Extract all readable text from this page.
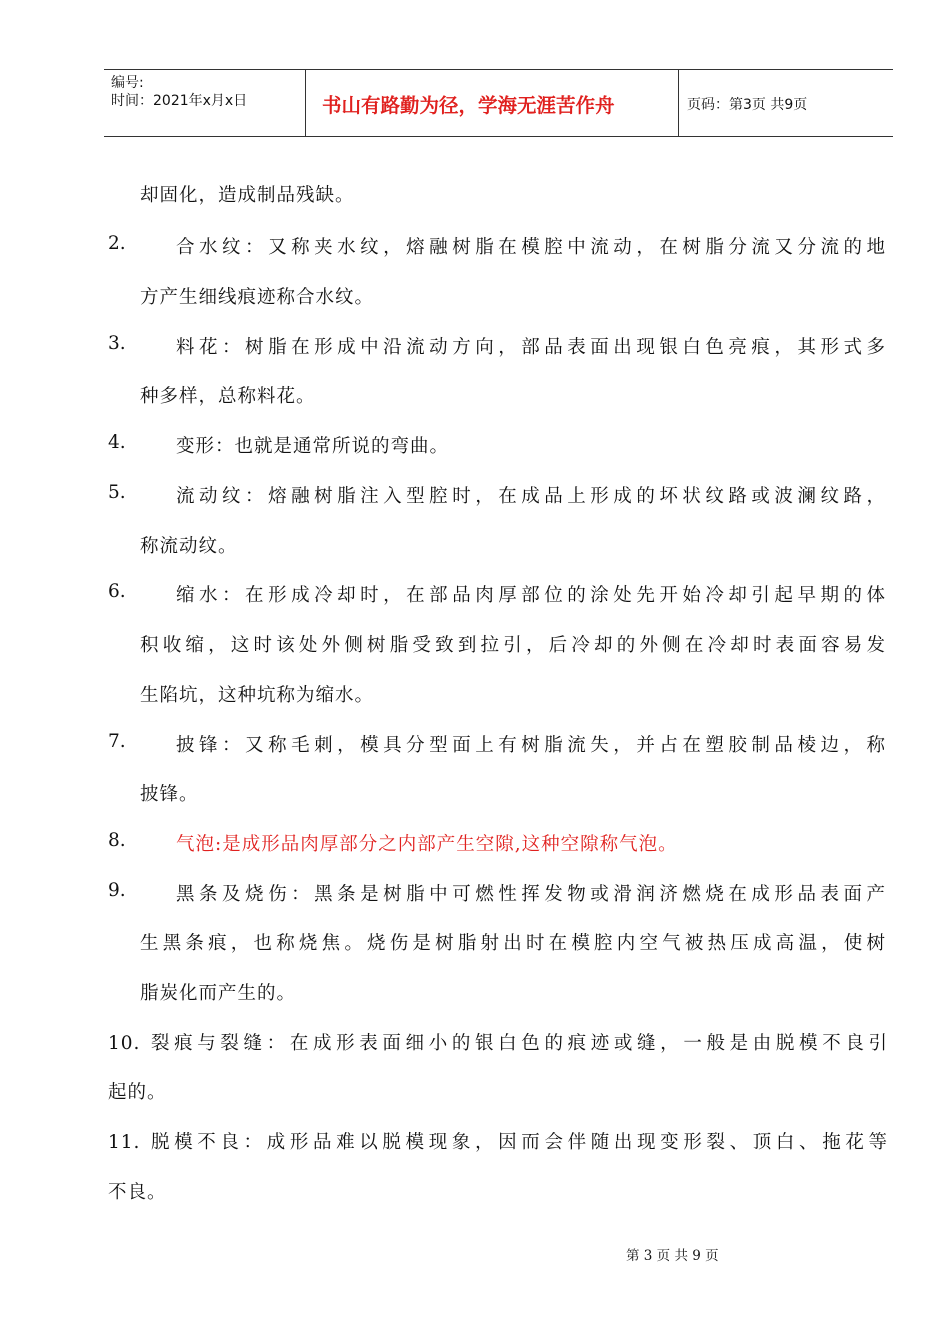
编号:
时间：2021年x月x日	书山有路勤为径，学海无涯苦作舟	页码：第3页 共9页
却固化，造成制品残缺。
2.	合水纹：又称夹水纹，熔融树脂在模腔中流动，在树脂分流又分流的地
方产生细线痕迹称合水纹。
3.	料花：树脂在形成中沿流动方向，部品表面出现银白色亮痕，其形式多
种多样，总称料花。
4.	变形：也就是通常所说的弯曲。
5.	流动纹：熔融树脂注入型腔时，在成品上形成的坏状纹路或波澜纹路，
称流动纹。
6.	缩水：在形成冷却时，在部品肉厚部位的涂处先开始冷却引起早期的体
积收缩，这时该处外侧树脂受致到拉引，后冷却的外侧在冷却时表面容易发
生陷坑，这种坑称为缩水。
7.	披锋：又称毛刺，模具分型面上有树脂流失，并占在塑胶制品棱边，称
披锋。
8.	气泡:是成形品肉厚部分之内部产生空隙,这种空隙称气泡。
9.	黑条及烧伤：黑条是树脂中可燃性挥发物或滑润济燃烧在成形品表面产
生黑条痕，也称烧焦。烧伤是树脂射出时在模腔内空气被热压成高温，使树
脂炭化而产生的。
10. 裂痕与裂缝：在成形表面细小的银白色的痕迹或缝，一般是由脱模不良引
起的。
11. 脱模不良：成形品难以脱模现象，因而会伴随出现变形裂、顶白、拖花等
不良。
第 3 页 共 9 页
